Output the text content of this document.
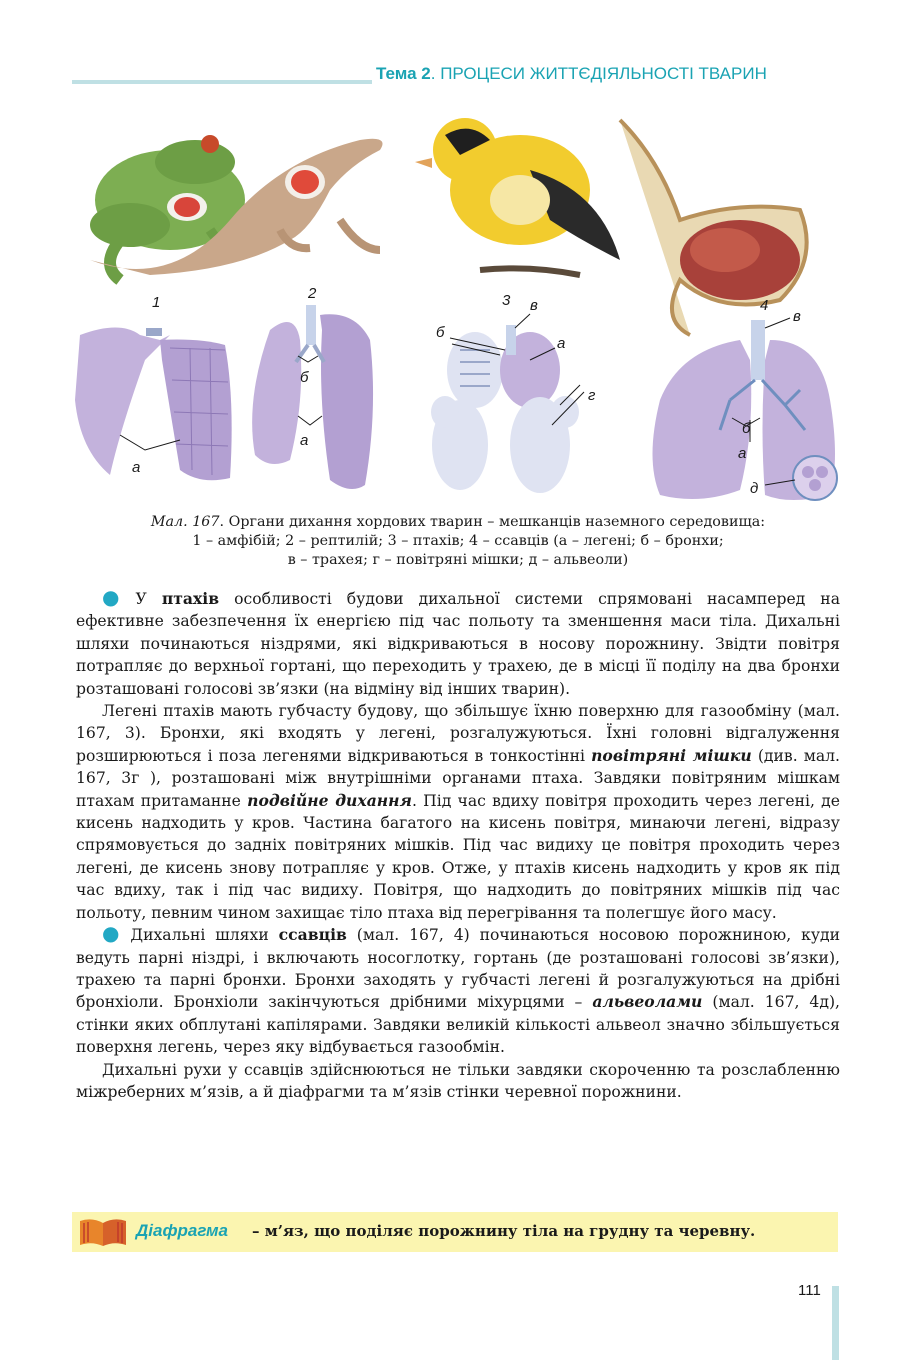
Тема 2. ПРОЦЕСИ ЖИТТЄДІЯЛЬНОСТІ ТВАРИН
1
2	3	4
а
б
а
б
в
а
г
в
б
а
д
Мал. 167. Органи дихання хордових тварин – мешканців наземного середовища:
1 – амфібій; 2 – рептилій; 3 – птахів; 4 – ссавців (а – легені; б – бронхи;
в – трахея; г – повітряні мішки; д – альвеоли)

● У птахів особливості будови дихальної системи спрямовані насамперед на ефективне забезпечення їх енергією під час польоту та зменшення маси тіла. Дихальні шляхи починаються ніздрями, які відкриваються в носову порожнину. Звідти повітря потрапляє до верхньої гортані, що переходить у трахею, де в місці її поділу на два бронхи розташовані голосові зв’язки (на відміну від інших тварин).

Легені птахів мають губчасту будову, що збільшує їхню поверхню для газообміну (мал. 167, 3). Бронхи, які входять у легені, розгалужуються. Їхні головні відгалуження розширюються і поза легенями відкриваються в тонкостінні повітряні мішки (див. мал. 167, 3г ), розташовані між внутрішніми органами птаха. Завдяки повітряним мішкам птахам притаманне подвійне дихання. Під час вдиху повітря проходить через легені, де кисень надходить у кров. Частина багатого на кисень повітря, минаючи легені, відразу спрямовується до задніх повітряних мішків. Під час видиху це повітря проходить через легені, де кисень знову потрапляє у кров. Отже, у птахів кисень надходить у кров як під час вдиху, так і під час видиху. Повітря, що надходить до повітряних мішків під час польоту, певним чином захищає тіло птаха від перегрівання та полегшує його масу.

● Дихальні шляхи ссавців (мал. 167, 4) починаються носовою порожниною, куди ведуть парні ніздрі, і включають носоглотку, гортань (де розташовані голосові зв’язки), трахею та парні бронхи. Бронхи заходять у губчасті легені й розгалужуються на дрібні бронхіоли. Бронхіоли закінчуються дрібними міхурцями – альвеолами (мал. 167, 4д), стінки яких обплутані капілярами. Завдяки великій кількості альвеол значно збільшується поверхня легень, через яку відбувається газообмін.

Дихальні рухи у ссавців здійснюються не тільки завдяки скороченню та розслабленню міжреберних м’язів, а й діафрагми та м’язів стінки черевної порожнини.

Діафрагма – м’яз, що поділяє порожнину тіла на грудну та черевну.
111
